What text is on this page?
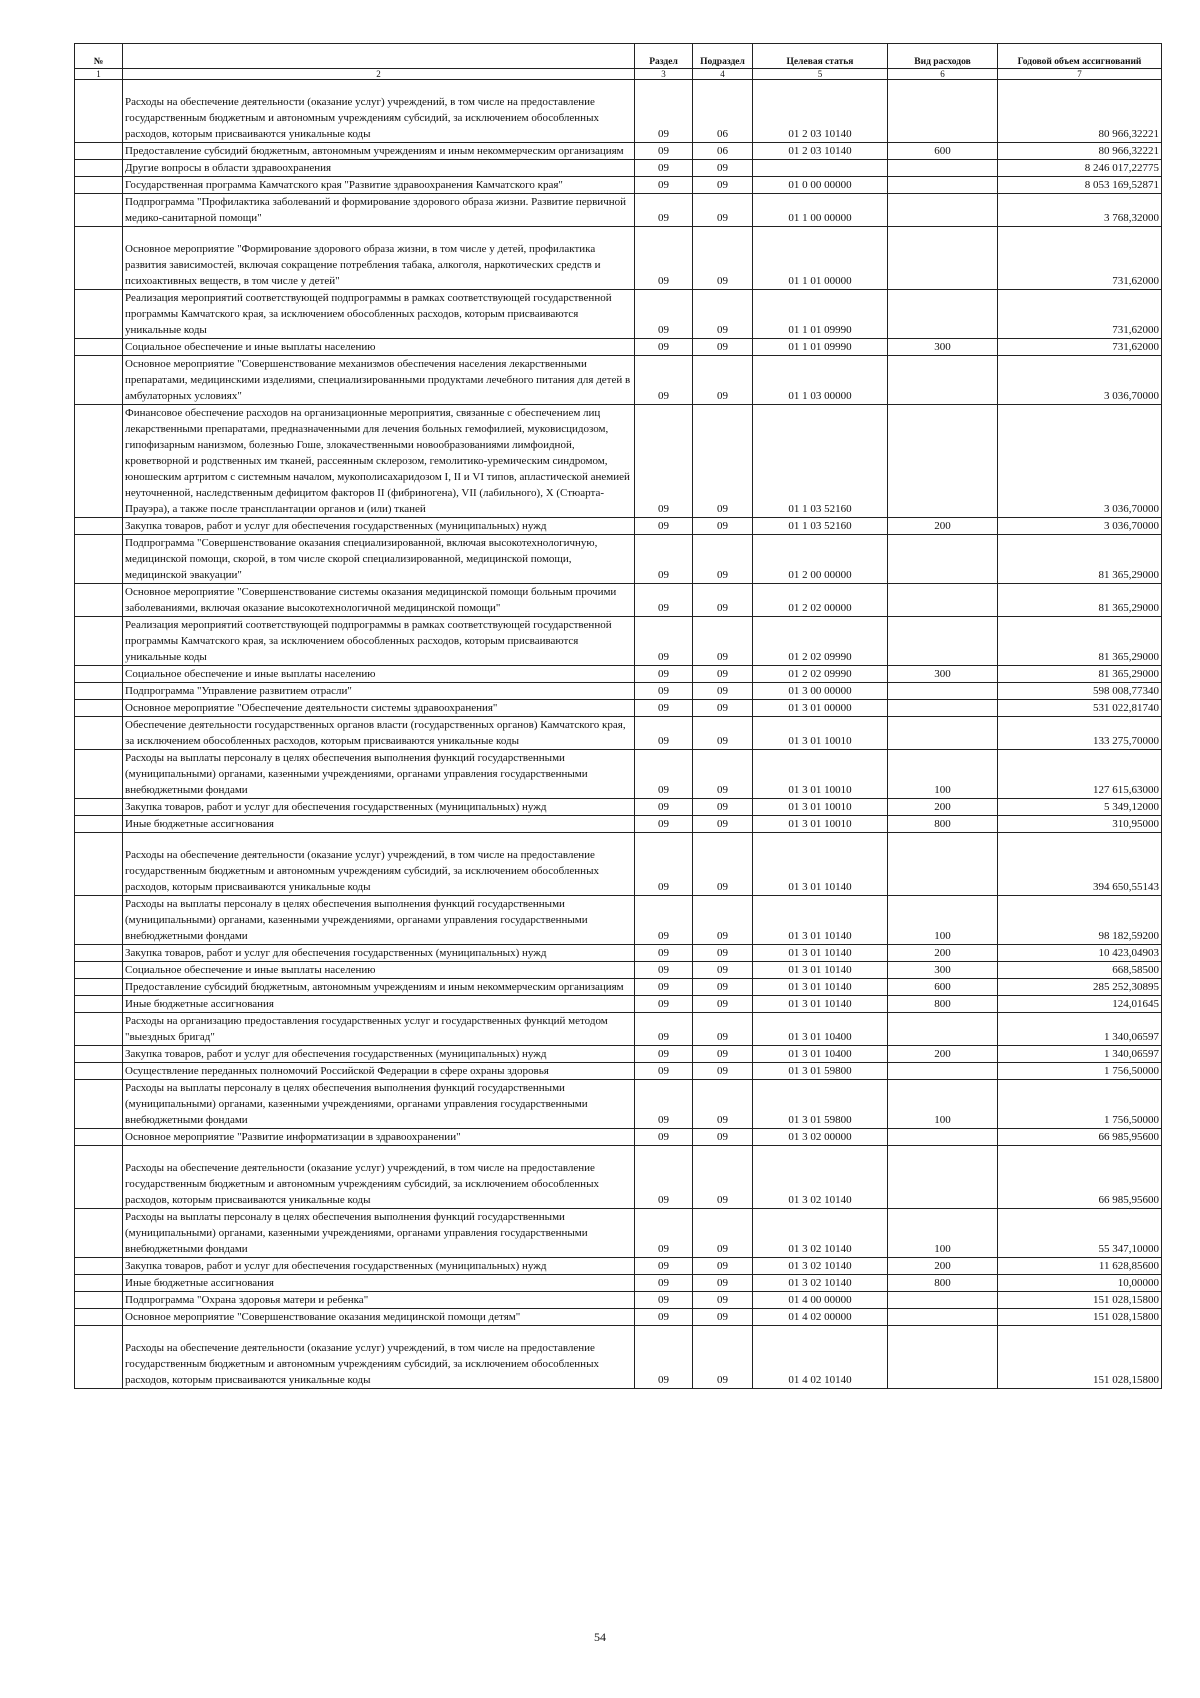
№		Раздел	Подраздел	Целевая статья	Вид расходов	Годовой объем ассигнований
1	2	3	4	5	6	7
	Расходы на обеспечение деятельности (оказание услуг) учреждений, в том числе на предоставление государственным бюджетным и автономным учреждениям субсидий, за исключением обособленных расходов, которым присваиваются уникальные коды	09	06	01 2 03 10140		80 966,32221
	Предоставление субсидий бюджетным, автономным учреждениям и иным некоммерческим организациям	09	06	01 2 03 10140	600	80 966,32221
	Другие вопросы в области здравоохранения	09	09			8 246 017,22775
	Государственная программа Камчатского края "Развитие здравоохранения Камчатского края"	09	09	01 0 00 00000		8 053 169,52871
	Подпрограмма "Профилактика заболеваний и формирование здорового образа жизни. Развитие первичной медико-санитарной помощи"	09	09	01 1 00 00000		3 768,32000
	Основное мероприятие "Формирование здорового образа жизни, в том числе у детей, профилактика развития зависимостей, включая сокращение потребления табака, алкоголя, наркотических средств и психоактивных веществ, в том числе у детей"	09	09	01 1 01 00000		731,62000
	Реализация мероприятий соответствующей подпрограммы в рамках соответствующей государственной программы Камчатского края, за исключением обособленных расходов, которым присваиваются уникальные коды	09	09	01 1 01 09990		731,62000
	Социальное обеспечение и иные выплаты населению	09	09	01 1 01 09990	300	731,62000
	Основное мероприятие "Совершенствование механизмов обеспечения населения лекарственными препаратами, медицинскими изделиями, специализированными продуктами лечебного питания для детей в амбулаторных условиях"	09	09	01 1 03 00000		3 036,70000
	Финансовое обеспечение расходов на организационные мероприятия, связанные с обеспечением лиц лекарственными препаратами, предназначенными для лечения больных гемофилией, муковисцидозом, гипофизарным нанизмом, болезнью Гоше, злокачественными новообразованиями лимфоидной, кроветворной и родственных им тканей, рассеянным склерозом, гемолитико-уремическим синдромом, юношеским артритом с системным началом, мукополисахаридозом I, II и VI типов, апластической анемией неуточненной, наследственным дефицитом факторов II (фибриногена), VII (лабильного), X (Стюарта-Прауэра), а также после трансплантации органов и (или) тканей	09	09	01 1 03 52160		3 036,70000
	Закупка товаров, работ и услуг для обеспечения государственных (муниципальных) нужд	09	09	01 1 03 52160	200	3 036,70000
	Подпрограмма "Совершенствование оказания специализированной, включая высокотехнологичную, медицинской помощи, скорой, в том числе скорой специализированной, медицинской помощи, медицинской эвакуации"	09	09	01 2 00 00000		81 365,29000
	Основное мероприятие "Совершенствование системы оказания медицинской помощи больным прочими заболеваниями, включая оказание высокотехнологичной медицинской помощи"	09	09	01 2 02 00000		81 365,29000
	Реализация мероприятий соответствующей подпрограммы в рамках соответствующей государственной программы Камчатского края, за исключением обособленных расходов, которым присваиваются уникальные коды	09	09	01 2 02 09990		81 365,29000
	Социальное обеспечение и иные выплаты населению	09	09	01 2 02 09990	300	81 365,29000
	Подпрограмма "Управление развитием отрасли"	09	09	01 3 00 00000		598 008,77340
	Основное мероприятие "Обеспечение деятельности системы здравоохранения"	09	09	01 3 01 00000		531 022,81740
	Обеспечение деятельности государственных органов власти (государственных органов) Камчатского края, за исключением обособленных расходов, которым присваиваются уникальные коды	09	09	01 3 01 10010		133 275,70000
	Расходы на выплаты персоналу в целях обеспечения выполнения функций государственными (муниципальными) органами, казенными учреждениями, органами управления государственными внебюджетными фондами	09	09	01 3 01 10010	100	127 615,63000
	Закупка товаров, работ и услуг для обеспечения государственных (муниципальных) нужд	09	09	01 3 01 10010	200	5 349,12000
	Иные бюджетные ассигнования	09	09	01 3 01 10010	800	310,95000
	Расходы на обеспечение деятельности (оказание услуг) учреждений, в том числе на предоставление государственным бюджетным и автономным учреждениям субсидий, за исключением обособленных расходов, которым присваиваются уникальные коды	09	09	01 3 01 10140		394 650,55143
	Расходы на выплаты персоналу в целях обеспечения выполнения функций государственными (муниципальными) органами, казенными учреждениями, органами управления государственными внебюджетными фондами	09	09	01 3 01 10140	100	98 182,59200
	Закупка товаров, работ и услуг для обеспечения государственных (муниципальных) нужд	09	09	01 3 01 10140	200	10 423,04903
	Социальное обеспечение и иные выплаты населению	09	09	01 3 01 10140	300	668,58500
	Предоставление субсидий бюджетным, автономным учреждениям и иным некоммерческим организациям	09	09	01 3 01 10140	600	285 252,30895
	Иные бюджетные ассигнования	09	09	01 3 01 10140	800	124,01645
	Расходы на организацию предоставления государственных услуг и государственных функций методом "выездных бригад"	09	09	01 3 01 10400		1 340,06597
	Закупка товаров, работ и услуг для обеспечения государственных (муниципальных) нужд	09	09	01 3 01 10400	200	1 340,06597
	Осуществление переданных полномочий Российской Федерации в сфере охраны здоровья	09	09	01 3 01 59800		1 756,50000
	Расходы на выплаты персоналу в целях обеспечения выполнения функций государственными (муниципальными) органами, казенными учреждениями, органами управления государственными внебюджетными фондами	09	09	01 3 01 59800	100	1 756,50000
	Основное мероприятие "Развитие информатизации в здравоохранении"	09	09	01 3 02 00000		66 985,95600
	Расходы на обеспечение деятельности (оказание услуг) учреждений, в том числе на предоставление государственным бюджетным и автономным учреждениям субсидий, за исключением обособленных расходов, которым присваиваются уникальные коды	09	09	01 3 02 10140		66 985,95600
	Расходы на выплаты персоналу в целях обеспечения выполнения функций государственными (муниципальными) органами, казенными учреждениями, органами управления государственными внебюджетными фондами	09	09	01 3 02 10140	100	55 347,10000
	Закупка товаров, работ и услуг для обеспечения государственных (муниципальных) нужд	09	09	01 3 02 10140	200	11 628,85600
	Иные бюджетные ассигнования	09	09	01 3 02 10140	800	10,00000
	Подпрограмма "Охрана здоровья матери и ребенка"	09	09	01 4 00 00000		151 028,15800
	Основное мероприятие "Совершенствование оказания медицинской помощи детям"	09	09	01 4 02 00000		151 028,15800
	Расходы на обеспечение деятельности (оказание услуг) учреждений, в том числе на предоставление государственным бюджетным и автономным учреждениям субсидий, за исключением обособленных расходов, которым присваиваются уникальные коды	09	09	01 4 02 10140		151 028,15800
54
